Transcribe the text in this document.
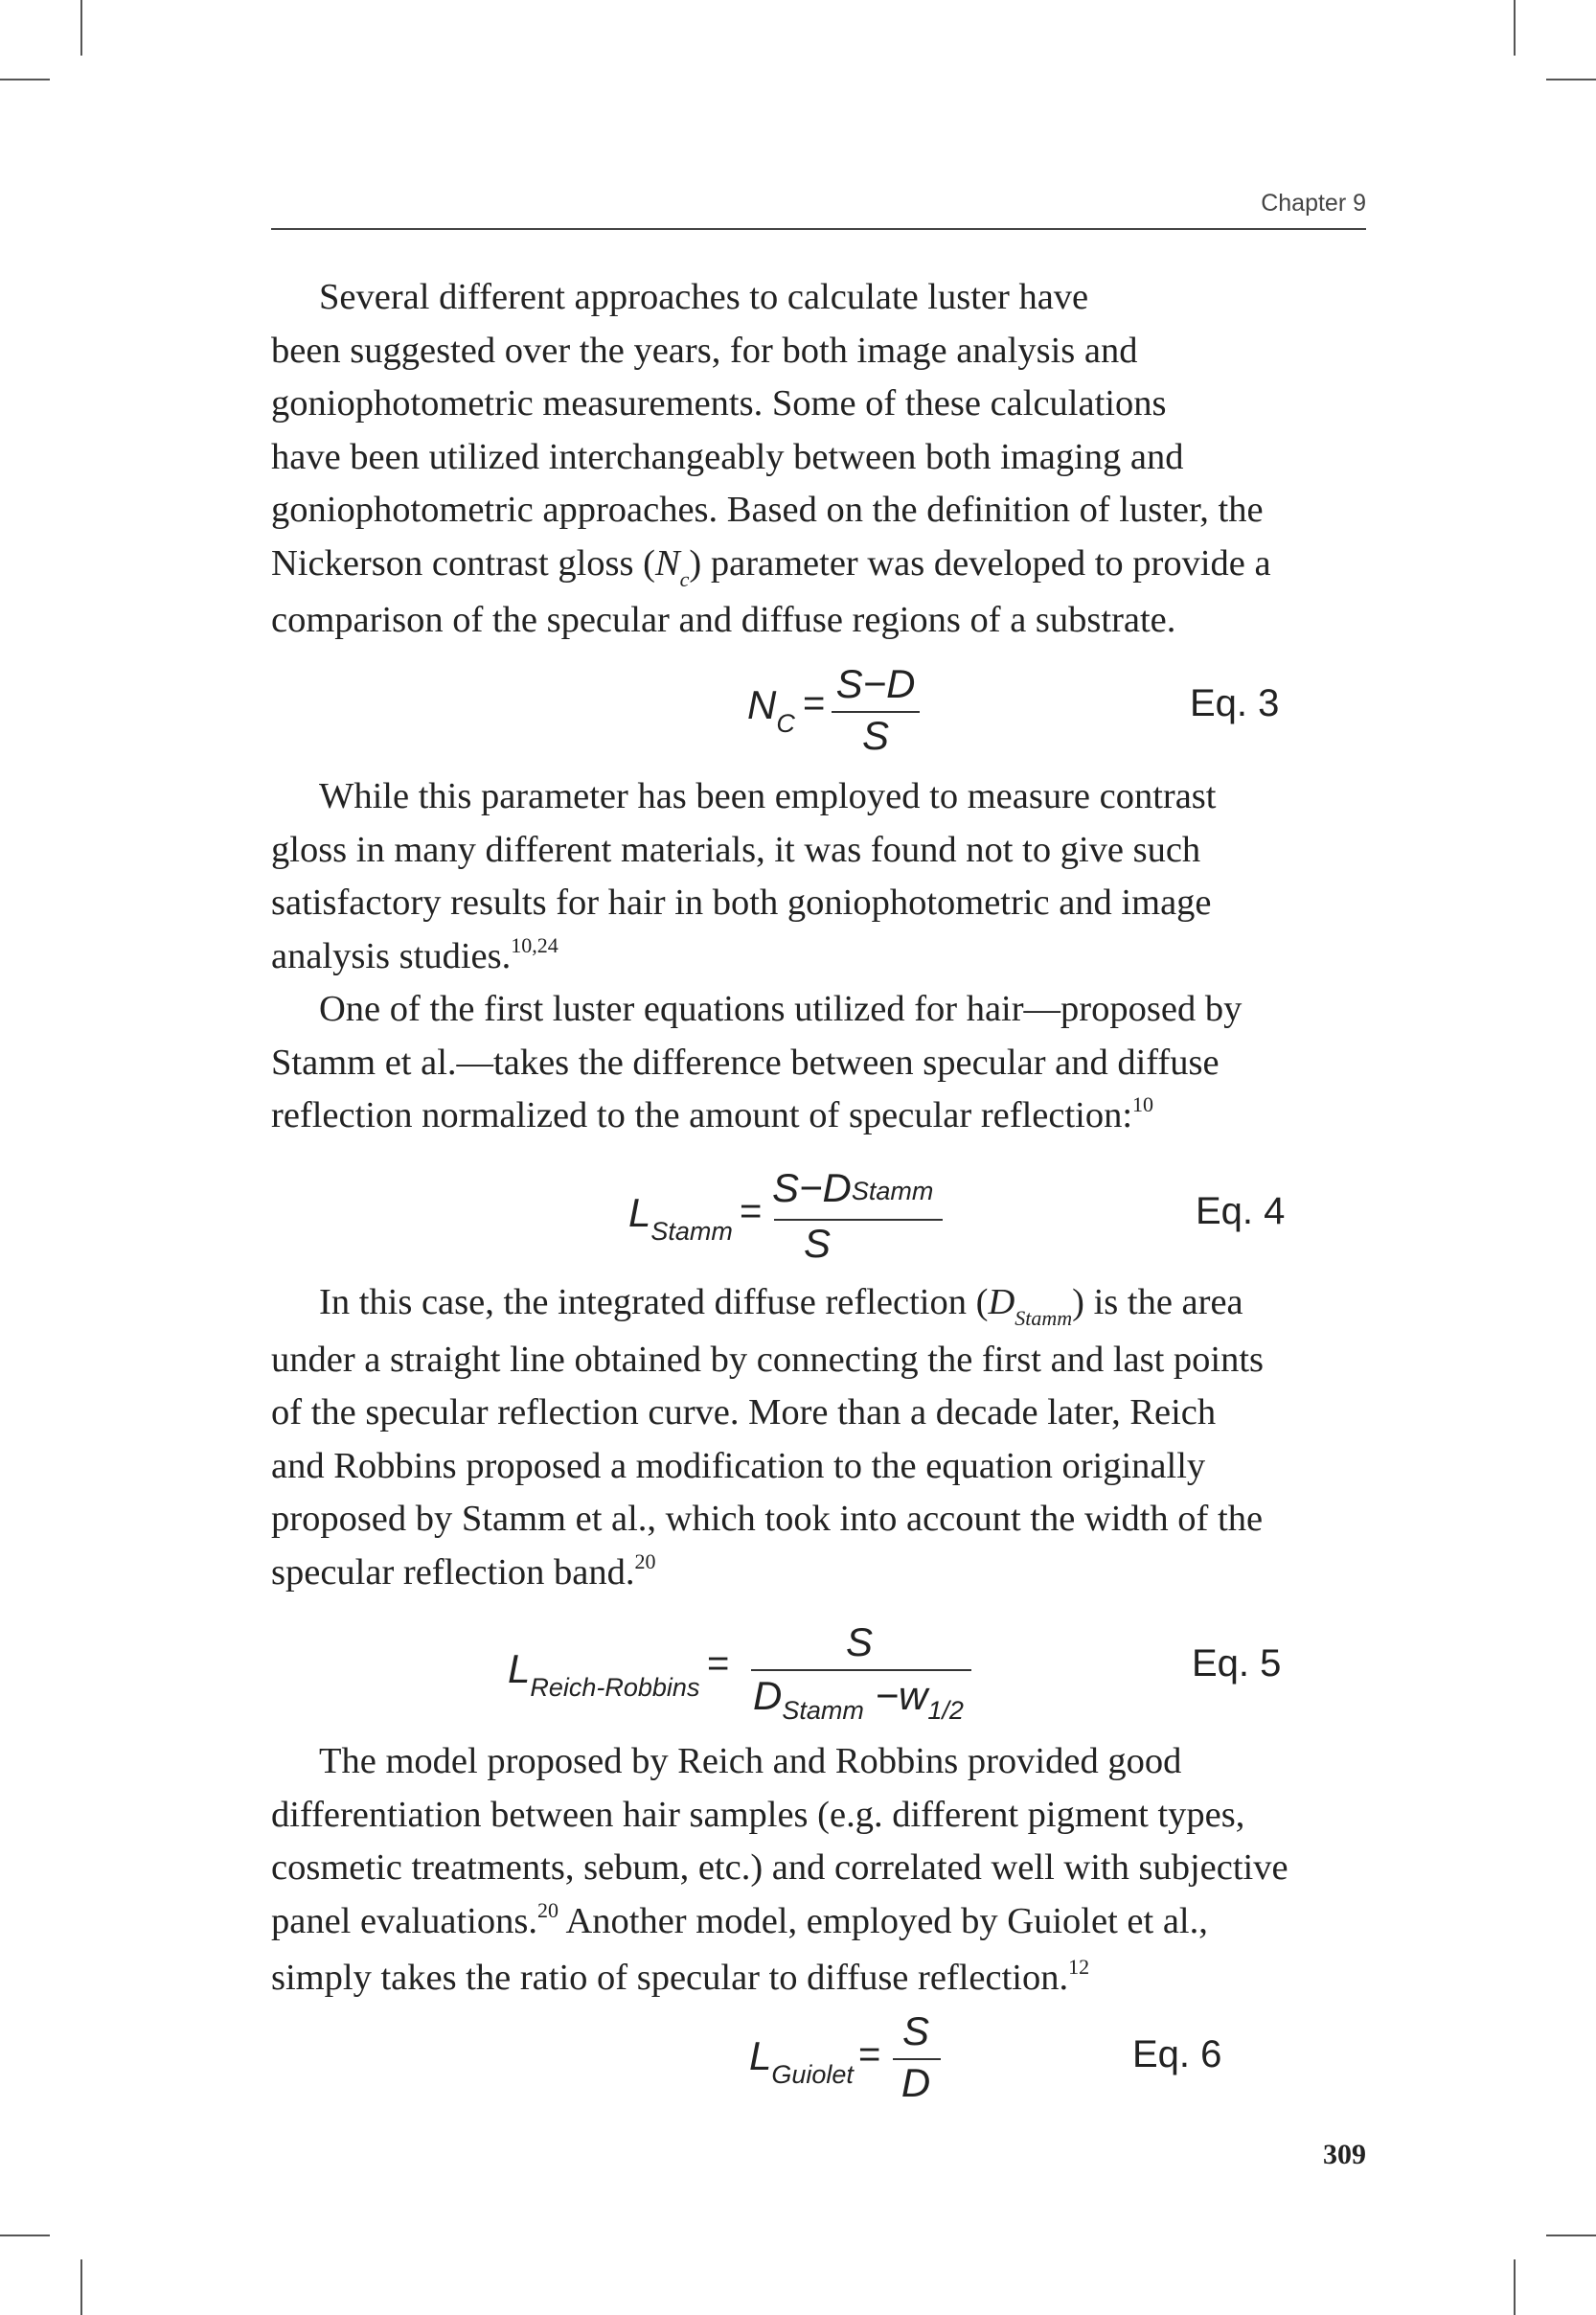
Chapter 9

Several different approaches to calculate luster have
been suggested over the years, for both image analysis and
goniophotometric measurements. Some of these calculations
have been utilized interchangeably between both imaging and
goniophotometric approaches. Based on the definition of luster, the
Nickerson contrast gloss $(N_c)$ parameter was developed to provide a
comparison of the specular and diffuse regions of a substrate.

$N_C = S-D$
S
Eq. 3

While this parameter has been employed to measure contrast
gloss in many different materials, it was found not to give such
satisfactory results for hair in both goniophotometric and image
analysis studies.$^{10,24}$

One of the first luster equations utilized for hair—proposed by
Stamm et al.—takes the difference between specular and diffuse
reflection normalized to the amount of specular reflection:$^{10}$

$L_{Stamm}$ =
S−DStamm
S
Eq. 4

In this case, the integrated diffuse reflection $(D_{Stamm})$ is the area
under a straight line obtained by connecting the first and last points
of the specular reflection curve. More than a decade later, Reich
and Robbins proposed a modification to the equation originally
proposed by Stamm et al., which took into account the width of the
specular reflection band.$^{20}$

$L_{Reich-Robbins}$
=	S
$D_{Stamm} -w_{1/2}$
Eq. 5

The model proposed by Reich and Robbins provided good
differentiation between hair samples (e.g. different pigment types,
cosmetic treatments, sebum, etc.) and correlated well with subjective
panel evaluations.$^{20}$ Another model, employed by Guiolet et al.,
simply takes the ratio of specular to diffuse reflection.$^{12}$

$L_{Guiolet}$ =
S
D
Eq. 6
309
